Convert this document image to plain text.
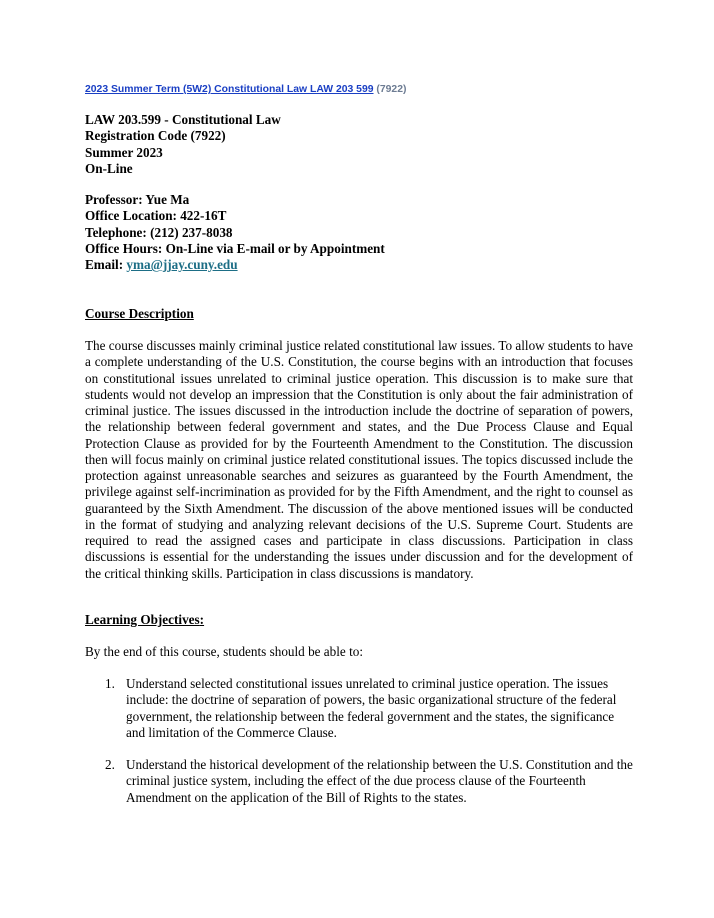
2023 Summer Term (5W2) Constitutional Law LAW 203 599 (7922)
LAW 203.599 - Constitutional Law
Registration Code (7922)
Summer 2023
On-Line
Professor: Yue Ma
Office Location: 422-16T
Telephone: (212) 237-8038
Office Hours: On-Line via E-mail or by Appointment
Email: yma@jjay.cuny.edu
Course Description

The course discusses mainly criminal justice related constitutional law issues. To allow students to have a complete understanding of the U.S. Constitution, the course begins with an introduction that focuses on constitutional issues unrelated to criminal justice operation. This discussion is to make sure that students would not develop an impression that the Constitution is only about the fair administration of criminal justice. The issues discussed in the introduction include the doctrine of separation of powers, the relationship between federal government and states, and the Due Process Clause and Equal Protection Clause as provided for by the Fourteenth Amendment to the Constitution. The discussion then will focus mainly on criminal justice related constitutional issues. The topics discussed include the protection against unreasonable searches and seizures as guaranteed by the Fourth Amendment, the privilege against self-incrimination as provided for by the Fifth Amendment, and the right to counsel as guaranteed by the Sixth Amendment. The discussion of the above mentioned issues will be conducted in the format of studying and analyzing relevant decisions of the U.S. Supreme Court. Students are required to read the assigned cases and participate in class discussions. Participation in class discussions is essential for the understanding the issues under discussion and for the development of the critical thinking skills. Participation in class discussions is mandatory.

Learning Objectives:

By the end of this course, students should be able to:

1. Understand selected constitutional issues unrelated to criminal justice operation. The issues include: the doctrine of separation of powers, the basic organizational structure of the federal government, the relationship between the federal government and the states, the significance and limitation of the Commerce Clause.
2. Understand the historical development of the relationship between the U.S. Constitution and the criminal justice system, including the effect of the due process clause of the Fourteenth Amendment on the application of the Bill of Rights to the states.
